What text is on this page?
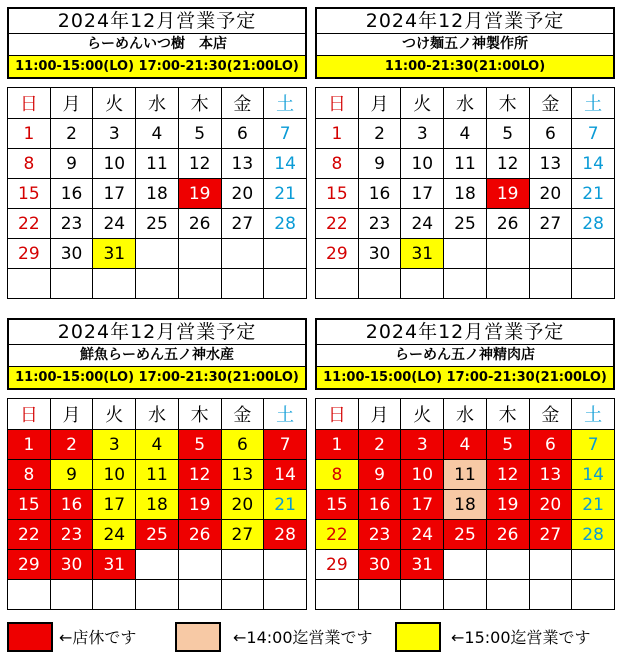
2024年12月営業予定
らーめんいつ樹　本店
11:00-15:00(LO) 17:00-21:30(21:00LO)
日	月	火	水	木	金	土
1	2	3	4	5	6	7
8	9	10	11	12	13	14
15	16	17	18	19	20	21
22	23	24	25	26	27	28
29	30	31				

2024年12月営業予定
つけ麺五ノ神製作所
11:00-21:30(21:00LO)
日	月	火	水	木	金	土
1	2	3	4	5	6	7
8	9	10	11	12	13	14
15	16	17	18	19	20	21
22	23	24	25	26	27	28
29	30	31				

2024年12月営業予定
鮮魚らーめん五ノ神水産
11:00-15:00(LO) 17:00-21:30(21:00LO)
日	月	火	水	木	金	土
1	2	3	4	5	6	7
8	9	10	11	12	13	14
15	16	17	18	19	20	21
22	23	24	25	26	27	28
29	30	31				

2024年12月営業予定
らーめん五ノ神精肉店
11:00-15:00(LO) 17:00-21:30(21:00LO)
日	月	火	水	木	金	土
1	2	3	4	5	6	7
8	9	10	11	12	13	14
15	16	17	18	19	20	21
22	23	24	25	26	27	28
29	30	31				

←店休です	←14:00迄営業です	←15:00迄営業です
